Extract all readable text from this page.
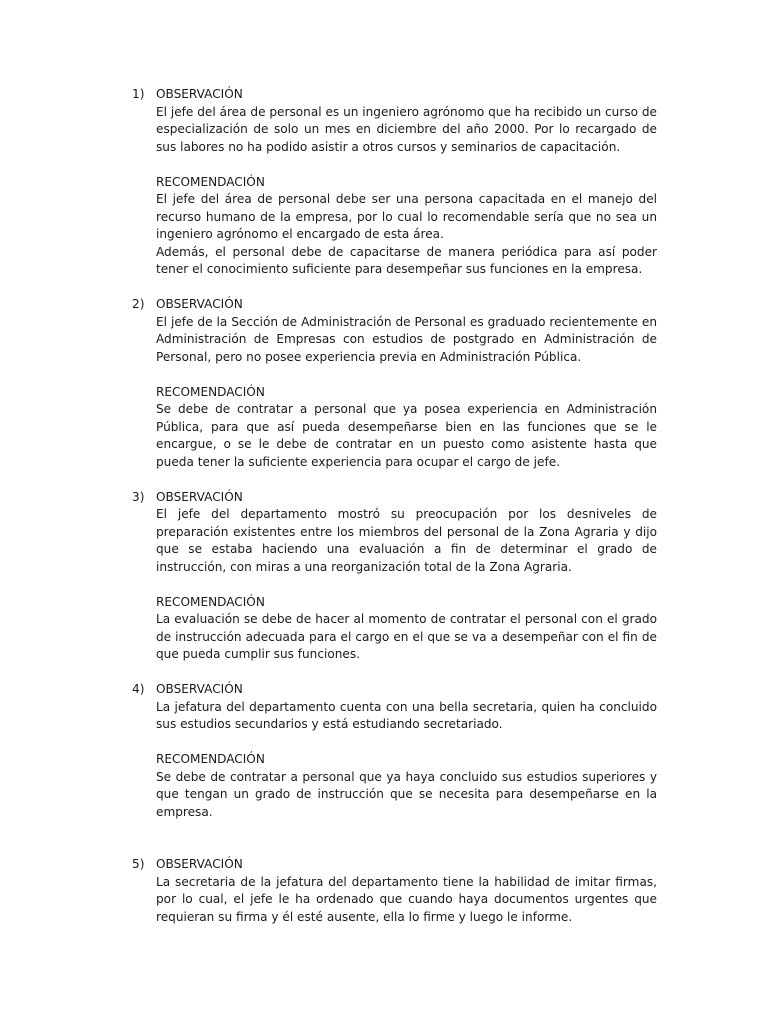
1) OBSERVACIÓN

El jefe del área de personal es un ingeniero agrónomo que ha recibido un curso de especialización de solo un mes en diciembre del año 2000. Por lo recargado de sus labores no ha podido asistir a otros cursos y seminarios de capacitación.

RECOMENDACIÓN

El jefe del área de personal debe ser una persona capacitada en el manejo del recurso humano de la empresa, por lo cual lo recomendable sería que no sea un ingeniero agrónomo el encargado de esta área.

Además, el personal debe de capacitarse de manera periódica para así poder tener el conocimiento suficiente para desempeñar sus funciones en la empresa.

2) OBSERVACIÓN

El jefe de la Sección de Administración de Personal es graduado recientemente en Administración de Empresas con estudios de postgrado en Administración de Personal, pero no posee experiencia previa en Administración Pública.

RECOMENDACIÓN

Se debe de contratar a personal que ya posea experiencia en Administración Pública, para que así pueda desempeñarse bien en las funciones que se le encargue, o se le debe de contratar en un puesto como asistente hasta que pueda tener la suficiente experiencia para ocupar el cargo de jefe.

3) OBSERVACIÓN

El jefe del departamento mostró su preocupación por los desniveles de preparación existentes entre los miembros del personal de la Zona Agraria y dijo que se estaba haciendo una evaluación a fin de determinar el grado de instrucción, con miras a una reorganización total de la Zona Agraria.

RECOMENDACIÓN

La evaluación se debe de hacer al momento de contratar el personal con el grado de instrucción adecuada para el cargo en el que se va a desempeñar con el fin de que pueda cumplir sus funciones.

4) OBSERVACIÓN

La jefatura del departamento cuenta con una bella secretaria, quien ha concluido sus estudios secundarios y está estudiando secretariado.

RECOMENDACIÓN

Se debe de contratar a personal que ya haya concluido sus estudios superiores y que tengan un grado de instrucción que se necesita para desempeñarse en la empresa.

5) OBSERVACIÓN

La secretaria de la jefatura del departamento tiene la habilidad de imitar firmas, por lo cual, el jefe le ha ordenado que cuando haya documentos urgentes que requieran su firma y él esté ausente, ella lo firme y luego le informe.
